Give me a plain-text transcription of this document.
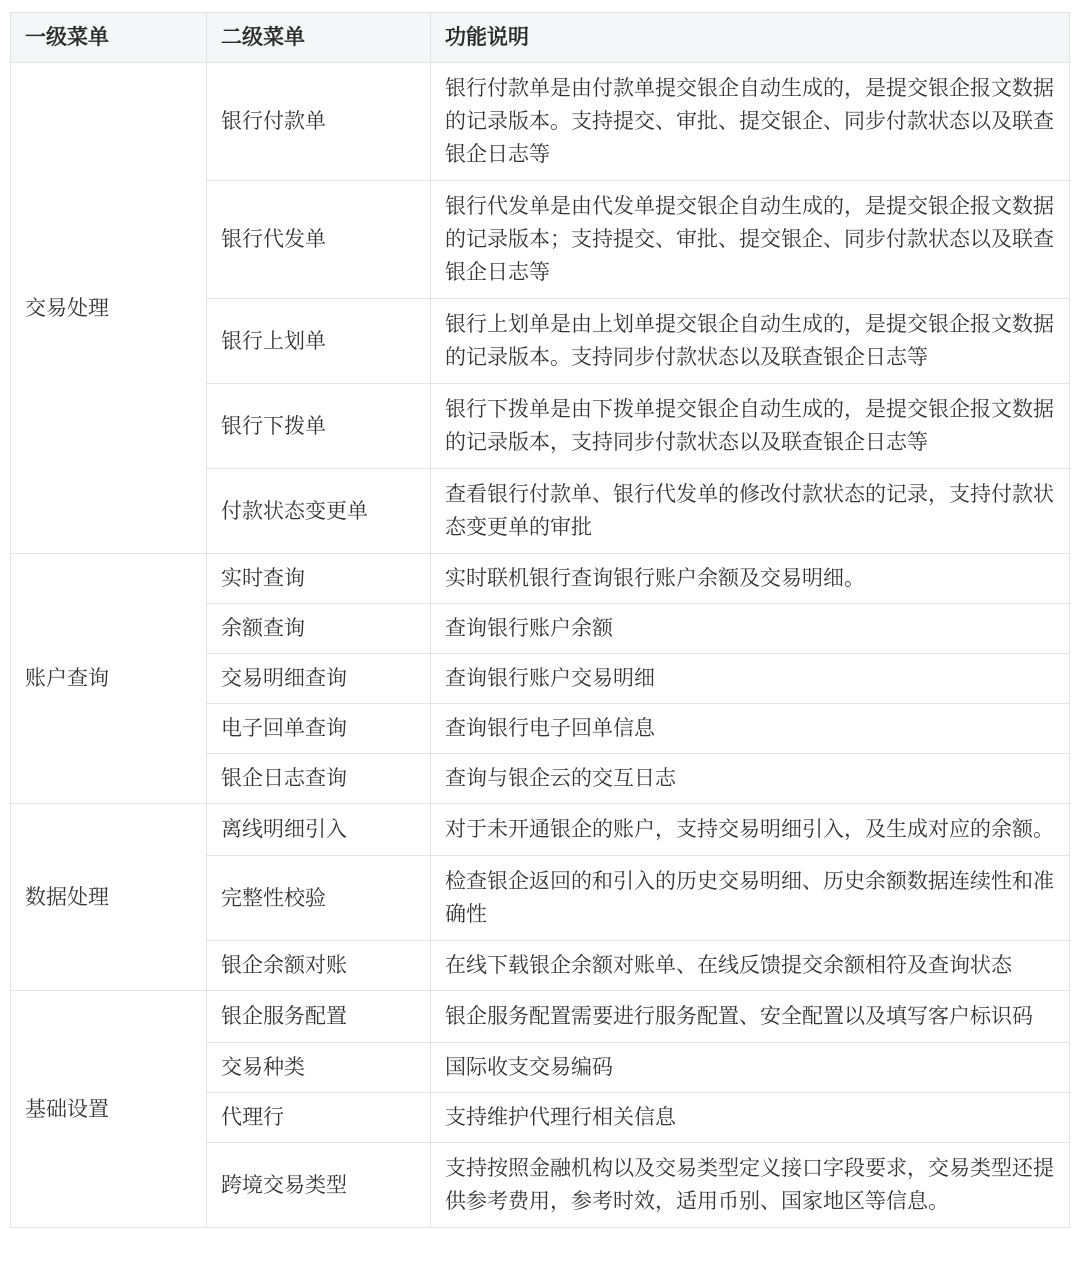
一级菜单	二级菜单	功能说明
交易处理	银行付款单	银行付款单是由付款单提交银企自动生成的，是提交银企报文数据的记录版本。支持提交、审批、提交银企、同步付款状态以及联查银企日志等
	银行代发单	银行代发单是由代发单提交银企自动生成的，是提交银企报文数据的记录版本；支持提交、审批、提交银企、同步付款状态以及联查银企日志等
	银行上划单	银行上划单是由上划单提交银企自动生成的，是提交银企报文数据的记录版本。支持同步付款状态以及联查银企日志等
	银行下拨单	银行下拨单是由下拨单提交银企自动生成的，是提交银企报文数据的记录版本，支持同步付款状态以及联查银企日志等
	付款状态变更单	查看银行付款单、银行代发单的修改付款状态的记录，支持付款状态变更单的审批
账户查询	实时查询	实时联机银行查询银行账户余额及交易明细。
	余额查询	查询银行账户余额
	交易明细查询	查询银行账户交易明细
	电子回单查询	查询银行电子回单信息
	银企日志查询	查询与银企云的交互日志
数据处理	离线明细引入	对于未开通银企的账户，支持交易明细引入，及生成对应的余额。
	完整性校验	检查银企返回的和引入的历史交易明细、历史余额数据连续性和准确性
	银企余额对账	在线下载银企余额对账单、在线反馈提交余额相符及查询状态
基础设置	银企服务配置	银企服务配置需要进行服务配置、安全配置以及填写客户标识码
	交易种类	国际收支交易编码
	代理行	支持维护代理行相关信息
	跨境交易类型	支持按照金融机构以及交易类型定义接口字段要求，交易类型还提供参考费用，参考时效，适用币别、国家地区等信息。
